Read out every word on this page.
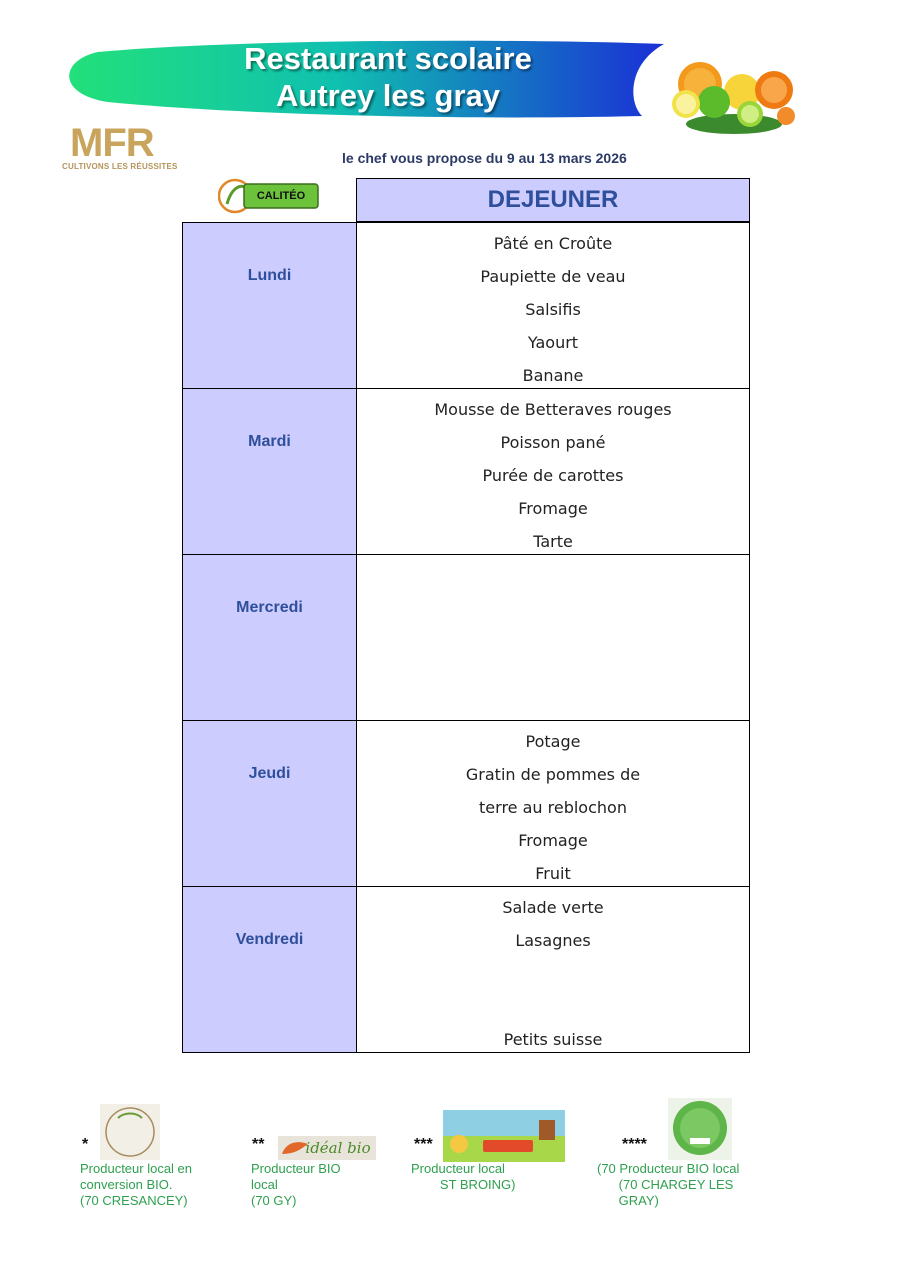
Restaurant scolaire
Autrey les gray
MFR
CULTIVONS LES RÉUSSITES
le chef vous propose du 9 au 13 mars 2026
CALITÉO	DEJEUNER
Lundi
Pâté en Croûte
Paupiette de veau
Salsifis
Yaourt
Banane
Mardi
Mousse de Betteraves rouges
Poisson pané
Purée de carottes
Fromage
Tarte
Mercredi
Jeudi
Potage
Gratin de pommes de
terre au reblochon
Fromage
Fruit
Vendredi
Salade verte
Lasagnes
Petits suisse
*
Producteur local en
conversion BIO.
(70 CRESANCEY)
**	idéal bio
Producteur BIO
local
(70 GY)
***
Producteur local
ST BROING)
****
(70 Producteur BIO local
(70 CHARGEY LES
GRAY)
